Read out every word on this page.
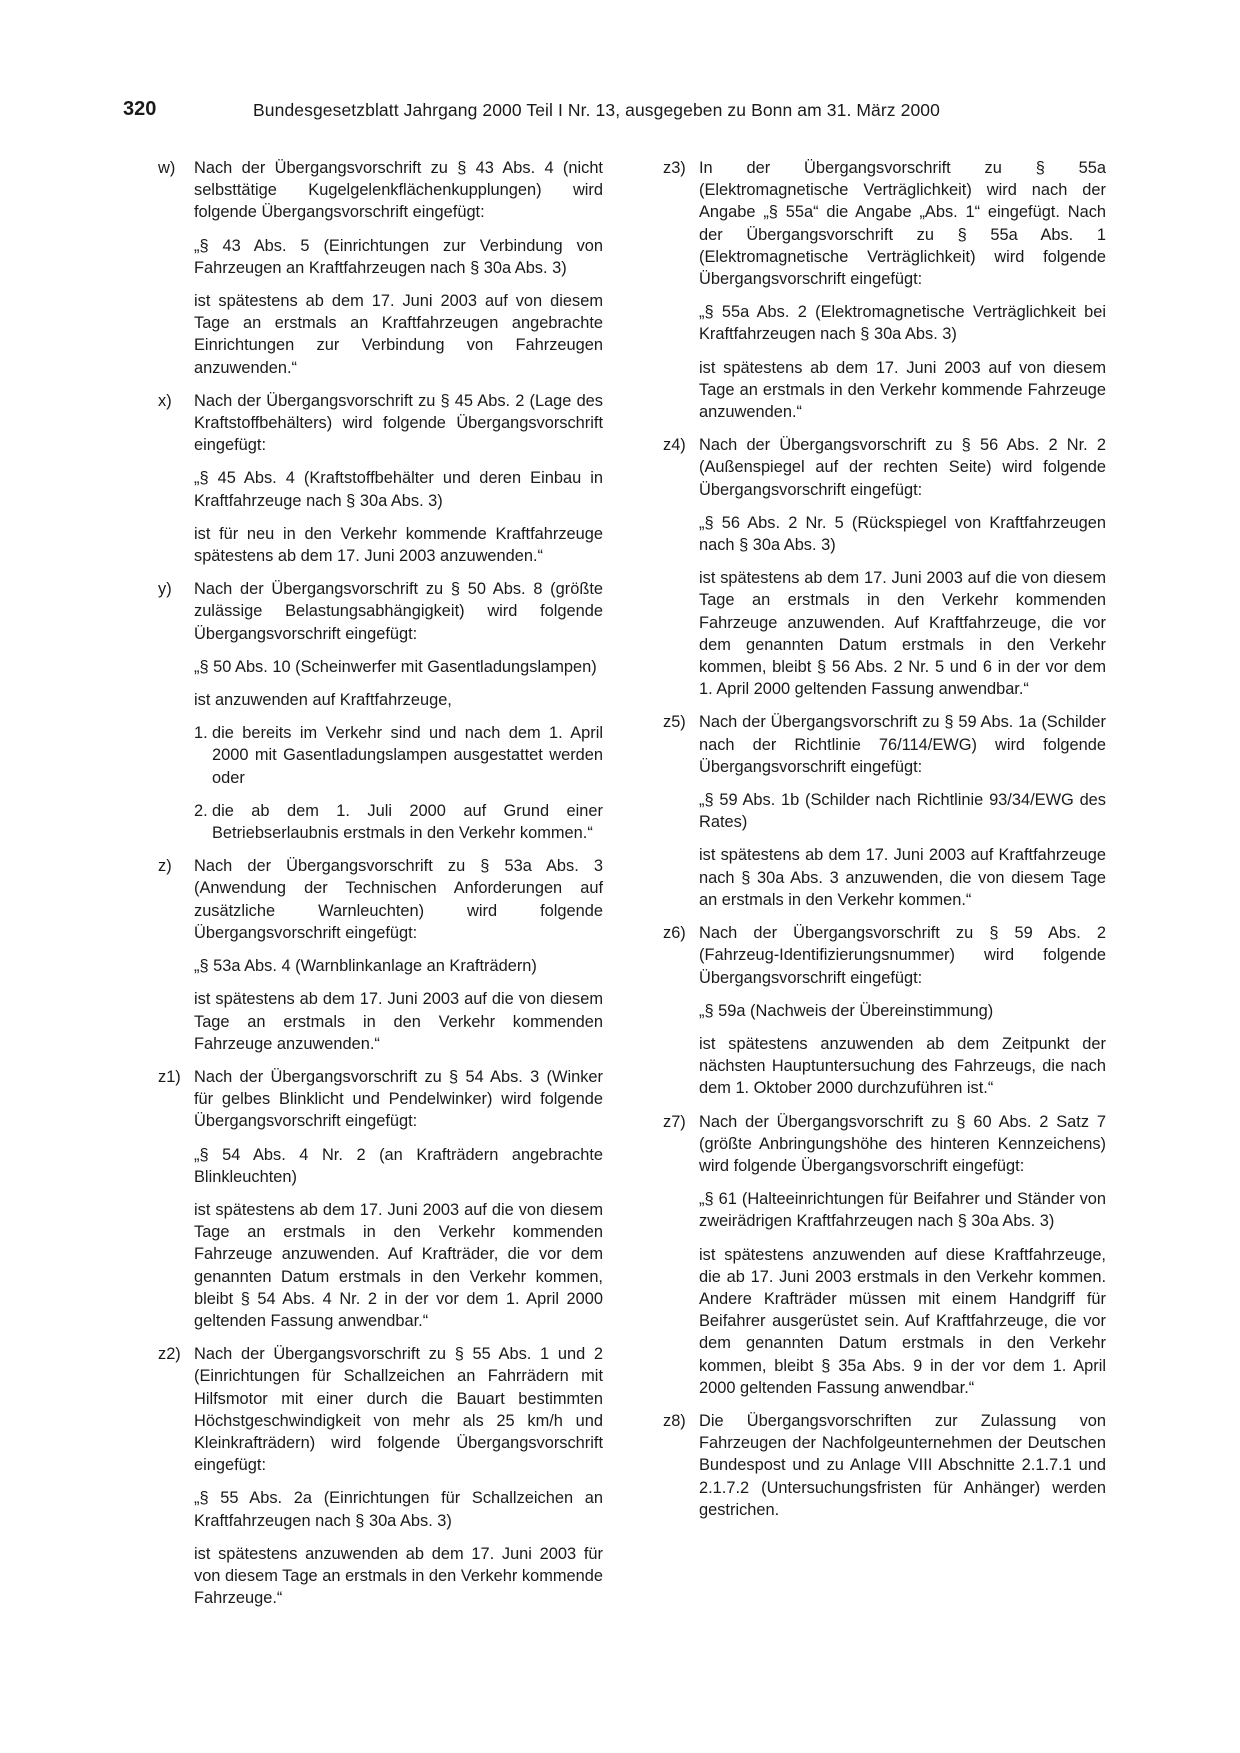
320	Bundesgesetzblatt Jahrgang 2000 Teil I Nr. 13, ausgegeben zu Bonn am 31. März 2000
w) Nach der Übergangsvorschrift zu § 43 Abs. 4 (nicht selbsttätige Kugelgelenkflächenkupplungen) wird folgende Übergangsvorschrift eingefügt:

„§ 43 Abs. 5 (Einrichtungen zur Verbindung von Fahrzeugen an Kraftfahrzeugen nach § 30a Abs. 3)

ist spätestens ab dem 17. Juni 2003 auf von diesem Tage an erstmals an Kraftfahrzeugen angebrachte Einrichtungen zur Verbindung von Fahrzeugen anzuwenden.“

x) Nach der Übergangsvorschrift zu § 45 Abs. 2 (Lage des Kraftstoffbehälters) wird folgende Übergangsvorschrift eingefügt:

„§ 45 Abs. 4 (Kraftstoffbehälter und deren Einbau in Kraftfahrzeuge nach § 30a Abs. 3)

ist für neu in den Verkehr kommende Kraftfahrzeuge spätestens ab dem 17. Juni 2003 anzuwenden.“

y) Nach der Übergangsvorschrift zu § 50 Abs. 8 (größte zulässige Belastungsabhängigkeit) wird folgende Übergangsvorschrift eingefügt:

„§ 50 Abs. 10 (Scheinwerfer mit Gasentladungslampen)

ist anzuwenden auf Kraftfahrzeuge,

1. die bereits im Verkehr sind und nach dem 1. April 2000 mit Gasentladungslampen ausgestattet werden oder
2. die ab dem 1. Juli 2000 auf Grund einer Betriebserlaubnis erstmals in den Verkehr kommen.“
z) Nach der Übergangsvorschrift zu § 53a Abs. 3 (Anwendung der Technischen Anforderungen auf zusätzliche Warnleuchten) wird folgende Übergangsvorschrift eingefügt:

„§ 53a Abs. 4 (Warnblinkanlage an Krafträdern)

ist spätestens ab dem 17. Juni 2003 auf die von diesem Tage an erstmals in den Verkehr kommenden Fahrzeuge anzuwenden.“

z1) Nach der Übergangsvorschrift zu § 54 Abs. 3 (Winker für gelbes Blinklicht und Pendelwinker) wird folgende Übergangsvorschrift eingefügt:

„§ 54 Abs. 4 Nr. 2 (an Krafträdern angebrachte Blinkleuchten)

ist spätestens ab dem 17. Juni 2003 auf die von diesem Tage an erstmals in den Verkehr kommenden Fahrzeuge anzuwenden. Auf Krafträder, die vor dem genannten Datum erstmals in den Verkehr kommen, bleibt § 54 Abs. 4 Nr. 2 in der vor dem 1. April 2000 geltenden Fassung anwendbar.“

z2) Nach der Übergangsvorschrift zu § 55 Abs. 1 und 2 (Einrichtungen für Schallzeichen an Fahrrädern mit Hilfsmotor mit einer durch die Bauart bestimmten Höchstgeschwindigkeit von mehr als 25 km/h und Kleinkrafträdern) wird folgende Übergangsvorschrift eingefügt:

„§ 55 Abs. 2a (Einrichtungen für Schallzeichen an Kraftfahrzeugen nach § 30a Abs. 3)

ist spätestens anzuwenden ab dem 17. Juni 2003 für von diesem Tage an erstmals in den Verkehr kommende Fahrzeuge.“

z3) In der Übergangsvorschrift zu § 55a (Elektromagnetische Verträglichkeit) wird nach der Angabe „§ 55a“ die Angabe „Abs. 1“ eingefügt. Nach der Übergangsvorschrift zu § 55a Abs. 1 (Elektromagnetische Verträglichkeit) wird folgende Übergangsvorschrift eingefügt:

„§ 55a Abs. 2 (Elektromagnetische Verträglichkeit bei Kraftfahrzeugen nach § 30a Abs. 3)

ist spätestens ab dem 17. Juni 2003 auf von diesem Tage an erstmals in den Verkehr kommende Fahrzeuge anzuwenden.“

z4) Nach der Übergangsvorschrift zu § 56 Abs. 2 Nr. 2 (Außenspiegel auf der rechten Seite) wird folgende Übergangsvorschrift eingefügt:

„§ 56 Abs. 2 Nr. 5 (Rückspiegel von Kraftfahrzeugen nach § 30a Abs. 3)

ist spätestens ab dem 17. Juni 2003 auf die von diesem Tage an erstmals in den Verkehr kommenden Fahrzeuge anzuwenden. Auf Kraftfahrzeuge, die vor dem genannten Datum erstmals in den Verkehr kommen, bleibt § 56 Abs. 2 Nr. 5 und 6 in der vor dem 1. April 2000 geltenden Fassung anwendbar.“

z5) Nach der Übergangsvorschrift zu § 59 Abs. 1a (Schilder nach der Richtlinie 76/114/EWG) wird folgende Übergangsvorschrift eingefügt:

„§ 59 Abs. 1b (Schilder nach Richtlinie 93/34/EWG des Rates)

ist spätestens ab dem 17. Juni 2003 auf Kraftfahrzeuge nach § 30a Abs. 3 anzuwenden, die von diesem Tage an erstmals in den Verkehr kommen.“

z6) Nach der Übergangsvorschrift zu § 59 Abs. 2 (Fahrzeug-Identifizierungsnummer) wird folgende Übergangsvorschrift eingefügt:

„§ 59a (Nachweis der Übereinstimmung)

ist spätestens anzuwenden ab dem Zeitpunkt der nächsten Hauptuntersuchung des Fahrzeugs, die nach dem 1. Oktober 2000 durchzuführen ist.“

z7) Nach der Übergangsvorschrift zu § 60 Abs. 2 Satz 7 (größte Anbringungshöhe des hinteren Kennzeichens) wird folgende Übergangsvorschrift eingefügt:

„§ 61 (Halteeinrichtungen für Beifahrer und Ständer von zweirädrigen Kraftfahrzeugen nach § 30a Abs. 3)

ist spätestens anzuwenden auf diese Kraftfahrzeuge, die ab 17. Juni 2003 erstmals in den Verkehr kommen. Andere Krafträder müssen mit einem Handgriff für Beifahrer ausgerüstet sein. Auf Kraftfahrzeuge, die vor dem genannten Datum erstmals in den Verkehr kommen, bleibt § 35a Abs. 9 in der vor dem 1. April 2000 geltenden Fassung anwendbar.“

z8) Die Übergangsvorschriften zur Zulassung von Fahrzeugen der Nachfolgeunternehmen der Deutschen Bundespost und zu Anlage VIII Abschnitte 2.1.7.1 und 2.1.7.2 (Untersuchungsfristen für Anhänger) werden gestrichen.
